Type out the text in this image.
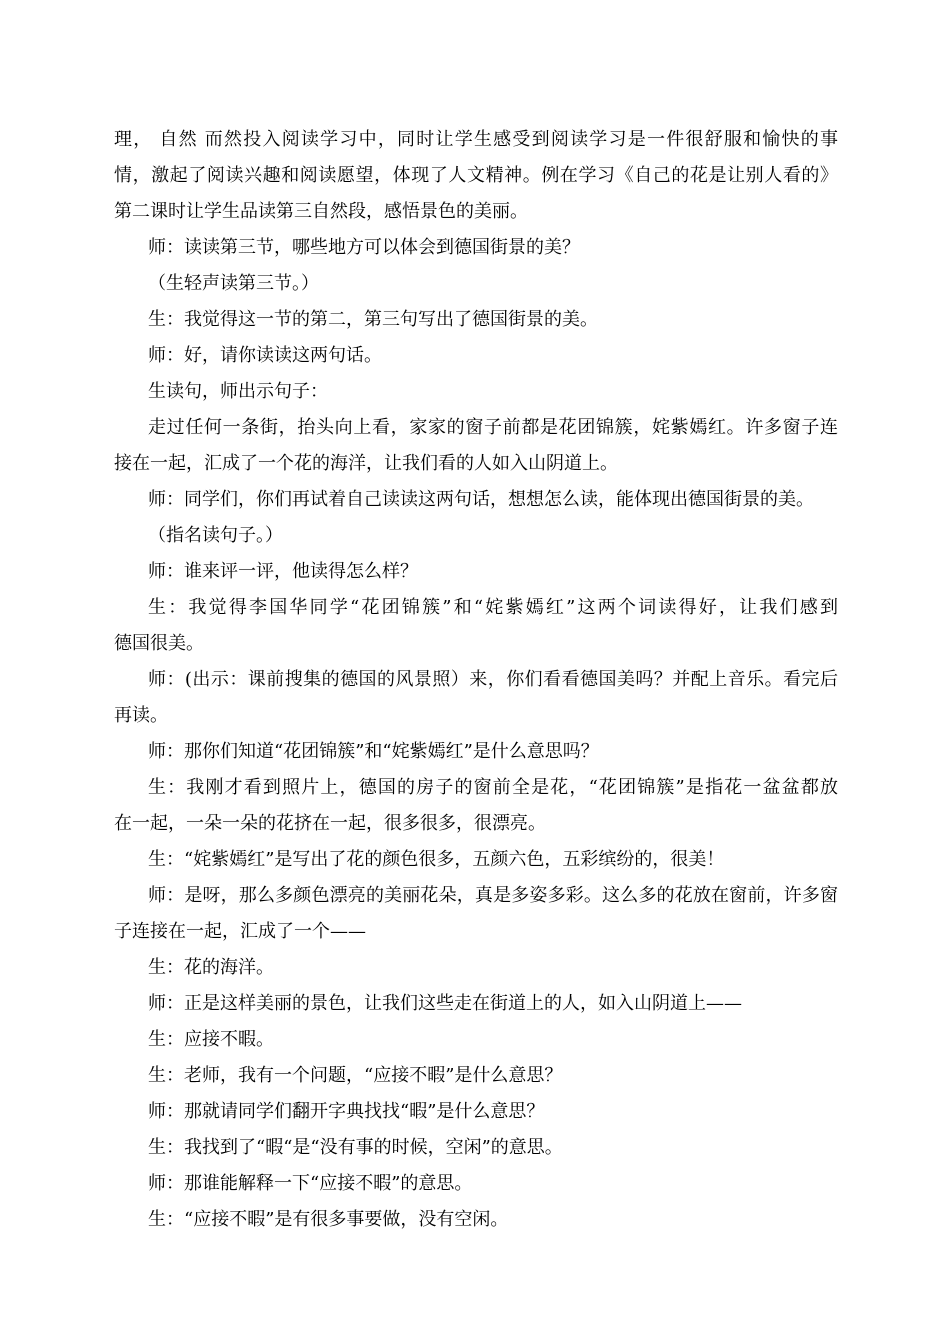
理， 自然 而然投入阅读学习中，同时让学生感受到阅读学习是一件很舒服和愉快的事
情，激起了阅读兴趣和阅读愿望，体现了人文精神。例在学习《自己的花是让别人看的》
第二课时让学生品读第三自然段，感悟景色的美丽。
师：读读第三节，哪些地方可以体会到德国街景的美？
（生轻声读第三节。）
生：我觉得这一节的第二，第三句写出了德国街景的美。
师：好，请你读读这两句话。
生读句，师出示句子：
走过任何一条街，抬头向上看，家家的窗子前都是花团锦簇，姹紫嫣红。许多窗子连
接在一起，汇成了一个花的海洋，让我们看的人如入山阴道上。
师：同学们，你们再试着自己读读这两句话，想想怎么读，能体现出德国街景的美。
（指名读句子。）
师：谁来评一评，他读得怎么样？
生：我觉得李国华同学“花团锦簇”和“姹紫嫣红”这两个词读得好，让我们感到
德国很美。
师：(出示：课前搜集的德国的风景照）来，你们看看德国美吗？并配上音乐。看完后
再读。
师：那你们知道“花团锦簇”和“姹紫嫣红”是什么意思吗？
生：我刚才看到照片上，德国的房子的窗前全是花，“花团锦簇”是指花一盆盆都放
在一起，一朵一朵的花挤在一起，很多很多，很漂亮。
生：“姹紫嫣红”是写出了花的颜色很多，五颜六色，五彩缤纷的，很美！
师：是呀，那么多颜色漂亮的美丽花朵，真是多姿多彩。这么多的花放在窗前，许多窗
子连接在一起，汇成了一个——
生：花的海洋。
师：正是这样美丽的景色，让我们这些走在街道上的人，如入山阴道上——
生：应接不暇。
生：老师，我有一个问题，“应接不暇”是什么意思？
师：那就请同学们翻开字典找找“暇”是什么意思？
生：我找到了“暇“是“没有事的时候，空闲”的意思。
师：那谁能解释一下“应接不暇”的意思。
生：“应接不暇”是有很多事要做，没有空闲。
